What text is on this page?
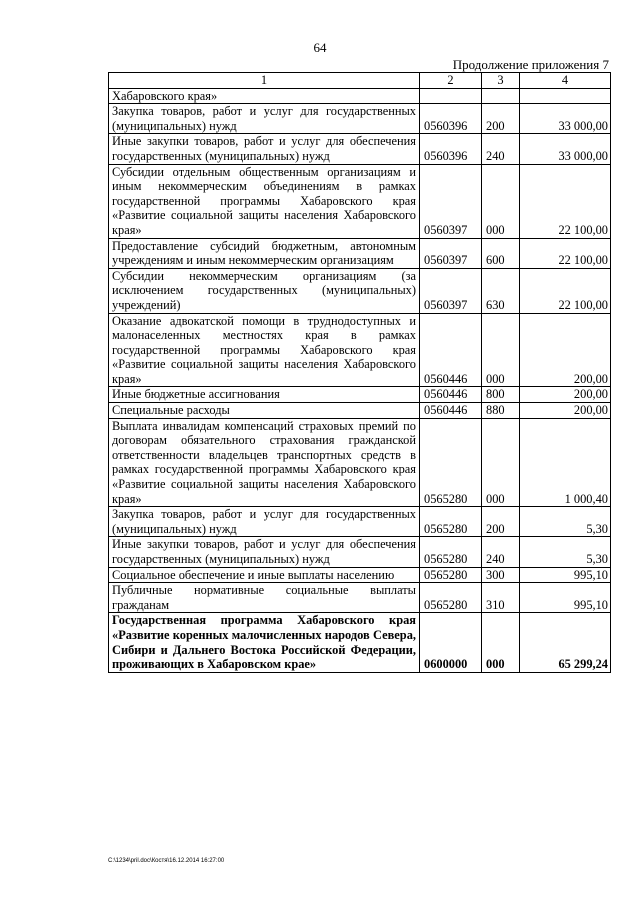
64
Продолжение приложения 7
1	2	3	4
Хабаровского края»			
Закупка товаров, работ и услуг для государственных (муниципальных) нужд	0560396	200	33 000,00
Иные закупки товаров, работ и услуг для обеспечения государственных (муниципальных) нужд	0560396	240	33 000,00
Субсидии отдельным общественным организациям и иным некоммерческим объединениям в рамках государственной программы Хабаровского края «Развитие социальной защиты населения Хабаровского края»	0560397	000	22 100,00
Предоставление субсидий бюджетным, автономным учреждениям и иным некоммерческим организациям	0560397	600	22 100,00
Субсидии некоммерческим организациям (за исключением государственных (муниципальных) учреждений)	0560397	630	22 100,00
Оказание адвокатской помощи в труднодоступных и малонаселенных местностях края в рамках государственной программы Хабаровского края «Развитие социальной защиты населения Хабаровского края»	0560446	000	200,00
Иные бюджетные ассигнования	0560446	800	200,00
Специальные расходы	0560446	880	200,00
Выплата инвалидам компенсаций страховых премий по договорам обязательного страхования гражданской ответственности владельцев транспортных средств в рамках государственной программы Хабаровского края «Развитие социальной защиты населения Хабаровского края»	0565280	000	1 000,40
Закупка товаров, работ и услуг для государственных (муниципальных) нужд	0565280	200	5,30
Иные закупки товаров, работ и услуг для обеспечения государственных (муниципальных) нужд	0565280	240	5,30
Социальное обеспечение и иные выплаты населению	0565280	300	995,10
Публичные нормативные социальные выплаты гражданам	0565280	310	995,10
Государственная программа Хабаровского края «Развитие коренных малочисленных народов Севера, Сибири и Дальнего Востока Российской Федерации, проживающих в Хабаровском крае»	0600000	000	65 299,24
C:\1234\pril.doc\Костя\16.12.2014 16:27:00
